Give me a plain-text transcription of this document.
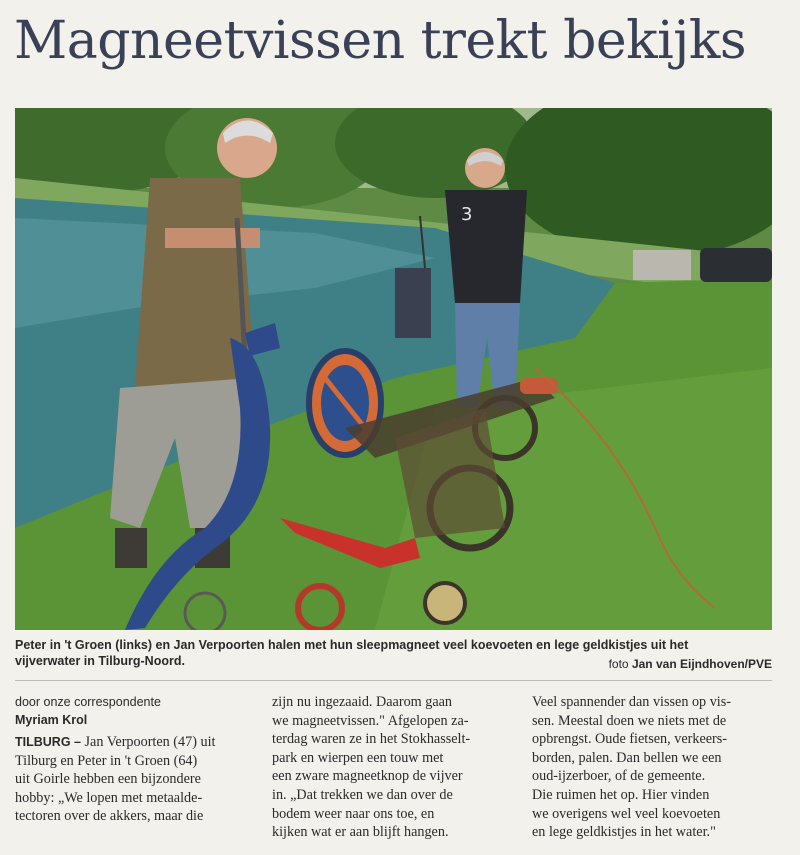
Magneetvissen trekt bekijks
3
Peter in 't Groen (links) en Jan Verpoorten halen met hun sleepmagneet veel koevoeten en lege geldkistjes uit het
vijverwater in Tilburg-Noord.	foto Jan van Eijndhoven/PVE

door onze correspondente

Myriam Krol

TILBURG – Jan Verpoorten (47) uit

Tilburg en Peter in 't Groen (64)

uit Goirle hebben een bijzondere

hobby: „We lopen met metaalde-

tectoren over de akkers, maar die

zijn nu ingezaaid. Daarom gaan

we magneetvissen." Afgelopen za-

terdag waren ze in het Stokhasselt-

park en wierpen een touw met

een zware magneetknop de vijver

in. „Dat trekken we dan over de

bodem weer naar ons toe, en

kijken wat er aan blijft hangen.

Veel spannender dan vissen op vis-

sen. Meestal doen we niets met de

opbrengst. Oude fietsen, verkeers-

borden, palen. Dan bellen we een

oud-ijzerboer, of de gemeente.

Die ruimen het op. Hier vinden

we overigens wel veel koevoeten

en lege geldkistjes in het water."
